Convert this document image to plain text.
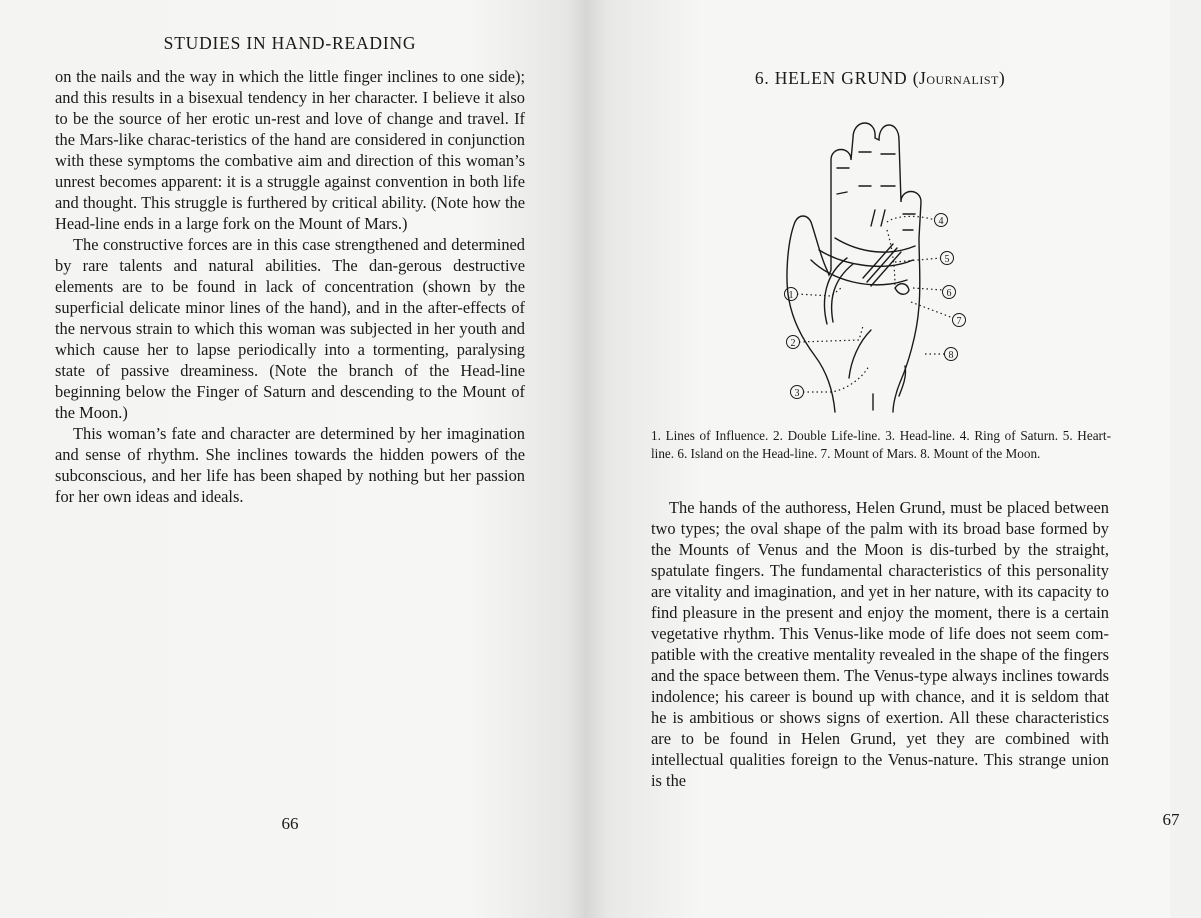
STUDIES IN HAND-READING

on the nails and the way in which the little finger inclines to one side); and this results in a bisexual tendency in her character. I believe it also to be the source of her erotic un-rest and love of change and travel. If the Mars-like charac-teristics of the hand are considered in conjunction with these symptoms the combative aim and direction of this woman’s unrest becomes apparent: it is a struggle against convention in both life and thought. This struggle is furthered by critical ability. (Note how the Head-line ends in a large fork on the Mount of Mars.)

The constructive forces are in this case strengthened and determined by rare talents and natural abilities. The dan-gerous destructive elements are to be found in lack of concentration (shown by the superficial delicate minor lines of the hand), and in the after-effects of the nervous strain to which this woman was subjected in her youth and which cause her to lapse periodically into a tormenting, paralysing state of passive dreaminess. (Note the branch of the Head-line beginning below the Finger of Saturn and descending to the Mount of the Moon.)

This woman’s fate and character are determined by her imagination and sense of rhythm. She inclines towards the hidden powers of the subconscious, and her life has been shaped by nothing but her passion for her own ideas and ideals.

66
6. HELEN GRUND (Journalist)
1
2
3
4
5
6
7
8
1. Lines of Influence. 2. Double Life-line. 3. Head-line. 4. Ring of Saturn. 5. Heart-line. 6. Island on the Head-line. 7. Mount of Mars. 8. Mount of the Moon.

The hands of the authoress, Helen Grund, must be placed between two types; the oval shape of the palm with its broad base formed by the Mounts of Venus and the Moon is dis-turbed by the straight, spatulate fingers. The fundamental characteristics of this personality are vitality and imagination, and yet in her nature, with its capacity to find pleasure in the present and enjoy the moment, there is a certain vegetative rhythm. This Venus-like mode of life does not seem com-patible with the creative mentality revealed in the shape of the fingers and the space between them. The Venus-type always inclines towards indolence; his career is bound up with chance, and it is seldom that he is ambitious or shows signs of exertion. All these characteristics are to be found in Helen Grund, yet they are combined with intellectual qualities foreign to the Venus-nature. This strange union is the

67
